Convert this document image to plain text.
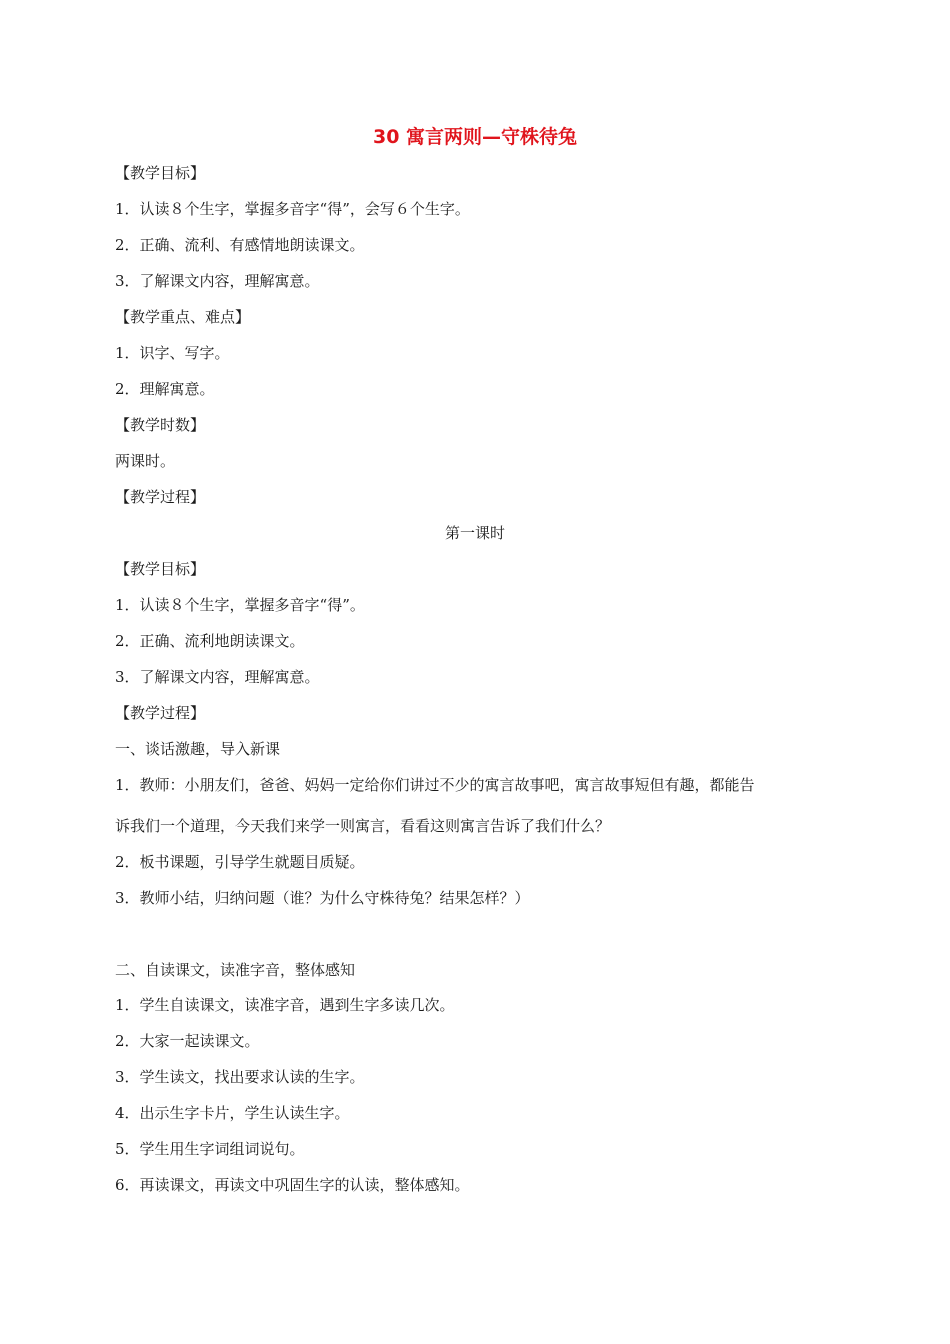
30 寓言两则—守株待兔
【教学目标】
1．认读８个生字，掌握多音字“得”，会写６个生字。
2．正确、流利、有感情地朗读课文。
3．了解课文内容，理解寓意。
【教学重点、难点】
1．识字、写字。
2．理解寓意。
【教学时数】
两课时。
【教学过程】
第一课时
【教学目标】
1．认读８个生字，掌握多音字“得”。
2．正确、流利地朗读课文。
3．了解课文内容，理解寓意。
【教学过程】
一、谈话激趣，导入新课
1．教师：小朋友们，爸爸、妈妈一定给你们讲过不少的寓言故事吧，寓言故事短但有趣，都能告
诉我们一个道理，今天我们来学一则寓言，看看这则寓言告诉了我们什么？
2．板书课题，引导学生就题目质疑。
3．教师小结，归纳问题（谁？为什么守株待兔？结果怎样？）
二、自读课文，读准字音，整体感知
1．学生自读课文，读准字音，遇到生字多读几次。
2．大家一起读课文。
3．学生读文，找出要求认读的生字。
4．出示生字卡片，学生认读生字。
5．学生用生字词组词说句。
6．再读课文，再读文中巩固生字的认读，整体感知。
